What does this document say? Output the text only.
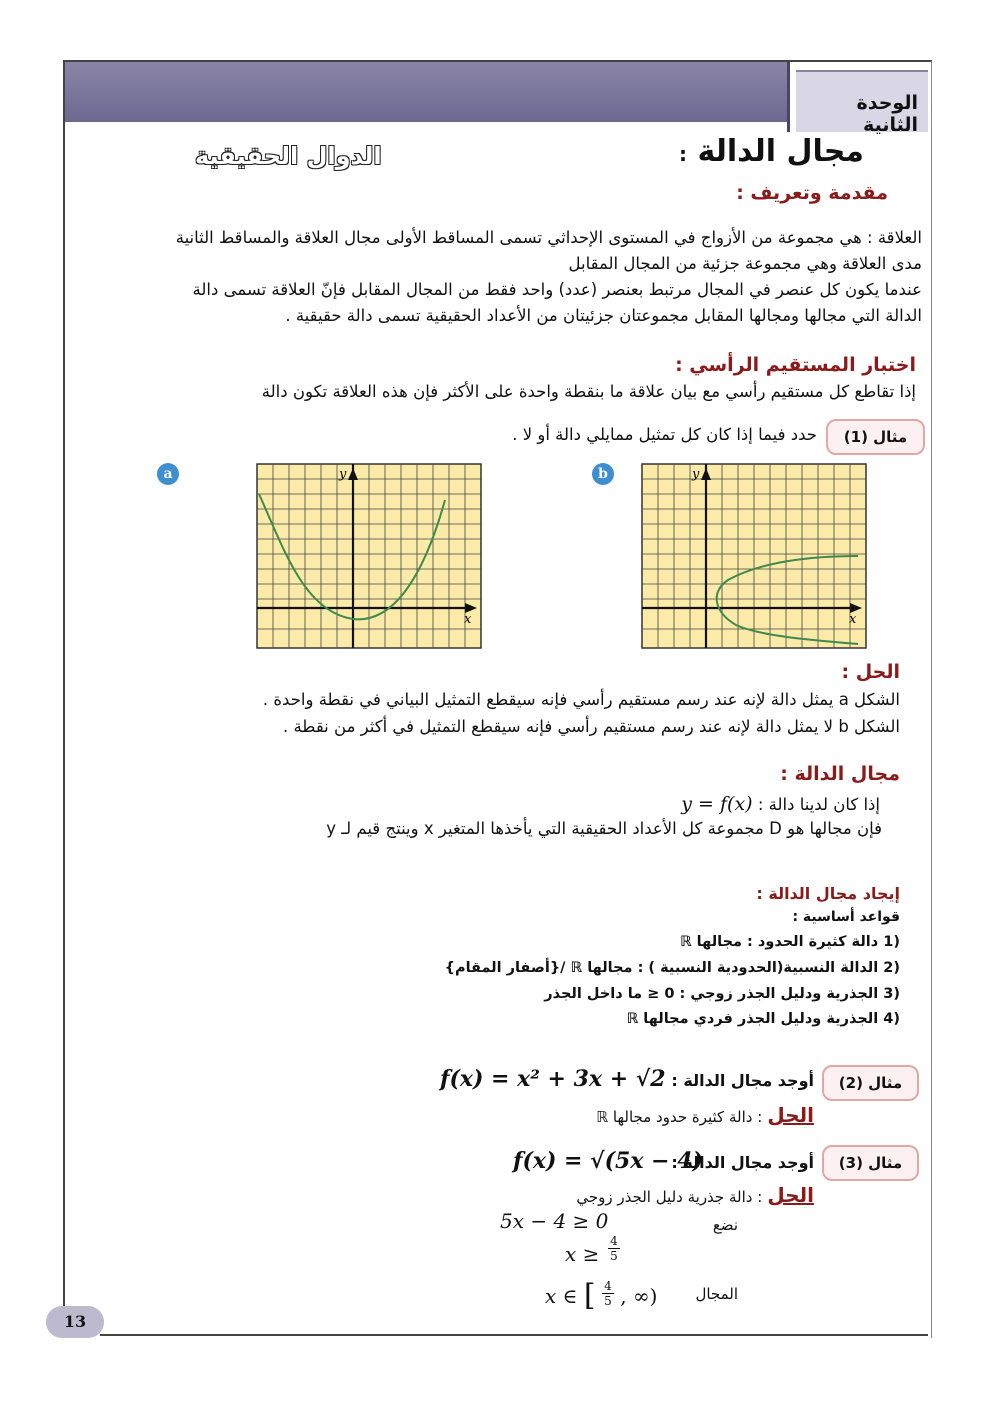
الدوال الحقيقية
الوحدة الثانية
مجال الدالة :
مقدمة وتعريف :
العلاقة : هي مجموعة من الأزواج في المستوى الإحداثي تسمى المساقط الأولى مجال العلاقة والمساقط الثانية
مدى العلاقة وهي مجموعة جزئية من المجال المقابل
عندما يكون كل عنصر في المجال مرتبط بعنصر (عدد) واحد فقط من المجال المقابل فإنّ العلاقة تسمى دالة
الدالة التي مجالها ومجالها المقابل مجموعتان جزئيتان من الأعداد الحقيقية تسمى دالة حقيقية .
اختبار المستقيم الرأسي :
إذا تقاطع كل مستقيم رأسي مع بيان علاقة ما بنقطة واحدة على الأكثر فإن هذه العلاقة تكون دالة
مثال (1)
حدد فيما إذا كان كل تمثيل ممايلي دالة أو لا .
a	y
x
b	y
x
الحل :
الشكل a يمثل دالة لإنه عند رسم مستقيم رأسي فإنه سيقطع التمثيل البياني في نقطة واحدة .
الشكل b لا يمثل دالة لإنه عند رسم مستقيم رأسي فإنه سيقطع التمثيل في أكثر من نقطة .
مجال الدالة :
إذا كان لدينا دالة : y = f(x)
فإن مجالها هو D مجموعة كل الأعداد الحقيقية التي يأخذها المتغير x وينتج قيم لـ y
إيجاد مجال الدالة :
قواعد أساسية :
(1 دالة كثيرة الحدود : مجالها ℝ
(2 الدالة النسبية(الحدودية النسبية ) : مجالها ℝ /{أصفار المقام}
(3 الجذرية ودليل الجذر زوجي : 0 ≤ ما داخل الجذر
(4 الجذرية ودليل الجذر فردي مجالها ℝ
مثال (2)
أوجد مجال الدالة :
f(x) = x² + 3x + √2
الحل : دالة كثيرة حدود مجالها ℝ
مثال (3)
أوجد مجال الدالة :
f(x) = √(5x − 4)
الحل : دالة جذرية دليل الجذر زوجي
نضع
5x − 4 ≥ 0
$x \ge \frac{4}{5}$
المجال
x ∈ [ $\frac{4}{5}$ , ∞)
13
